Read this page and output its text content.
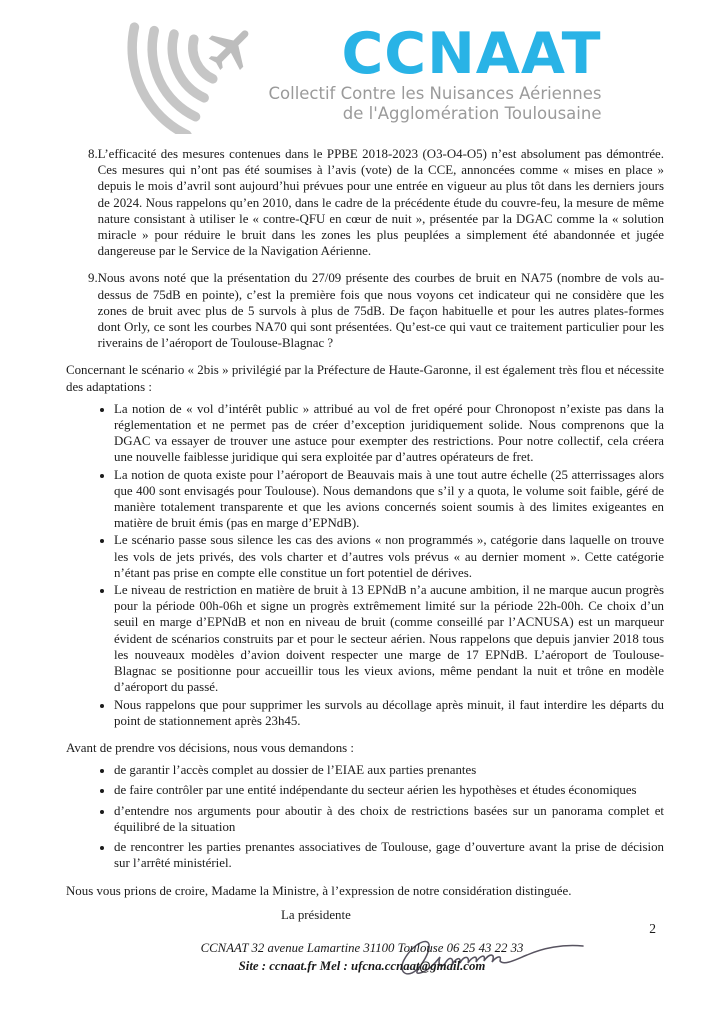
CCNAAT
Collectif Contre les Nuisances Aériennes
de l'Agglomération Toulousaine
8. L’efficacité des mesures contenues dans le PPBE 2018-2023 (O3-O4-O5) n’est absolument pas démontrée. Ces mesures qui n’ont pas été soumises à l’avis (vote) de la CCE, annoncées comme « mises en place » depuis le mois d’avril sont aujourd’hui prévues pour une entrée en vigueur au plus tôt dans les derniers jours de 2024. Nous rappelons qu’en 2010, dans le cadre de la précédente étude du couvre-feu, la mesure de même nature consistant à utiliser le « contre-QFU en cœur de nuit », présentée par la DGAC comme la « solution miracle » pour réduire le bruit dans les zones les plus peuplées a simplement été abandonnée et jugée dangereuse par le Service de la Navigation Aérienne.
9. Nous avons noté que la présentation du 27/09 présente des courbes de bruit en NA75 (nombre de vols au-dessus de 75dB en pointe), c’est la première fois que nous voyons cet indicateur qui ne considère que les zones de bruit avec plus de 5 survols à plus de 75dB. De façon habituelle et pour les autres plates-formes dont Orly, ce sont les courbes NA70 qui sont présentées. Qu’est-ce qui vaut ce traitement particulier pour les riverains de l’aéroport de Toulouse-Blagnac ?

Concernant le scénario « 2bis » privilégié par la Préfecture de Haute-Garonne, il est également très flou et nécessite des adaptations :

• La notion de « vol d’intérêt public » attribué au vol de fret opéré pour Chronopost n’existe pas dans la réglementation et ne permet pas de créer d’exception juridiquement solide. Nous comprenons que la DGAC va essayer de trouver une astuce pour exempter des restrictions. Pour notre collectif, cela créera une nouvelle faiblesse juridique qui sera exploitée par d’autres opérateurs de fret.
• La notion de quota existe pour l’aéroport de Beauvais mais à une tout autre échelle (25 atterrissages alors que 400 sont envisagés pour Toulouse). Nous demandons que s’il y a quota, le volume soit faible, géré de manière totalement transparente et que les avions concernés soient soumis à des limites exigeantes en matière de bruit émis (pas en marge d’EPNdB).
• Le scénario passe sous silence les cas des avions « non programmés », catégorie dans laquelle on trouve les vols de jets privés, des vols charter et d’autres vols prévus « au dernier moment ». Cette catégorie n’étant pas prise en compte elle constitue un fort potentiel de dérives.
• Le niveau de restriction en matière de bruit à 13 EPNdB n’a aucune ambition, il ne marque aucun progrès pour la période 00h-06h et signe un progrès extrêmement limité sur la période 22h-00h. Ce choix d’un seuil en marge d’EPNdB et non en niveau de bruit (comme conseillé par l’ACNUSA) est un marqueur évident de scénarios construits par et pour le secteur aérien. Nous rappelons que depuis janvier 2018 tous les nouveaux modèles d’avion doivent respecter une marge de 17 EPNdB. L’aéroport de Toulouse-Blagnac se positionne pour accueillir tous les vieux avions, même pendant la nuit et trône en modèle d’aéroport du passé.
• Nous rappelons que pour supprimer les survols au décollage après minuit, il faut interdire les départs du point de stationnement après 23h45.

Avant de prendre vos décisions, nous vous demandons :

• de garantir l’accès complet au dossier de l’EIAE aux parties prenantes
• de faire contrôler par une entité indépendante du secteur aérien les hypothèses et études économiques
• d’entendre nos arguments pour aboutir à des choix de restrictions basées sur un panorama complet et équilibré de la situation
• de rencontrer les parties prenantes associatives de Toulouse, gage d’ouverture avant la prise de décision sur l’arrêté ministériel.

Nous vous prions de croire, Madame la Ministre, à l’expression de notre considération distinguée.

La présidente

2
CCNAAT 32 avenue Lamartine 31100 Toulouse 06 25 43 22 33
Site : ccnaat.fr Mel : ufcna.ccnaat@gmail.com
